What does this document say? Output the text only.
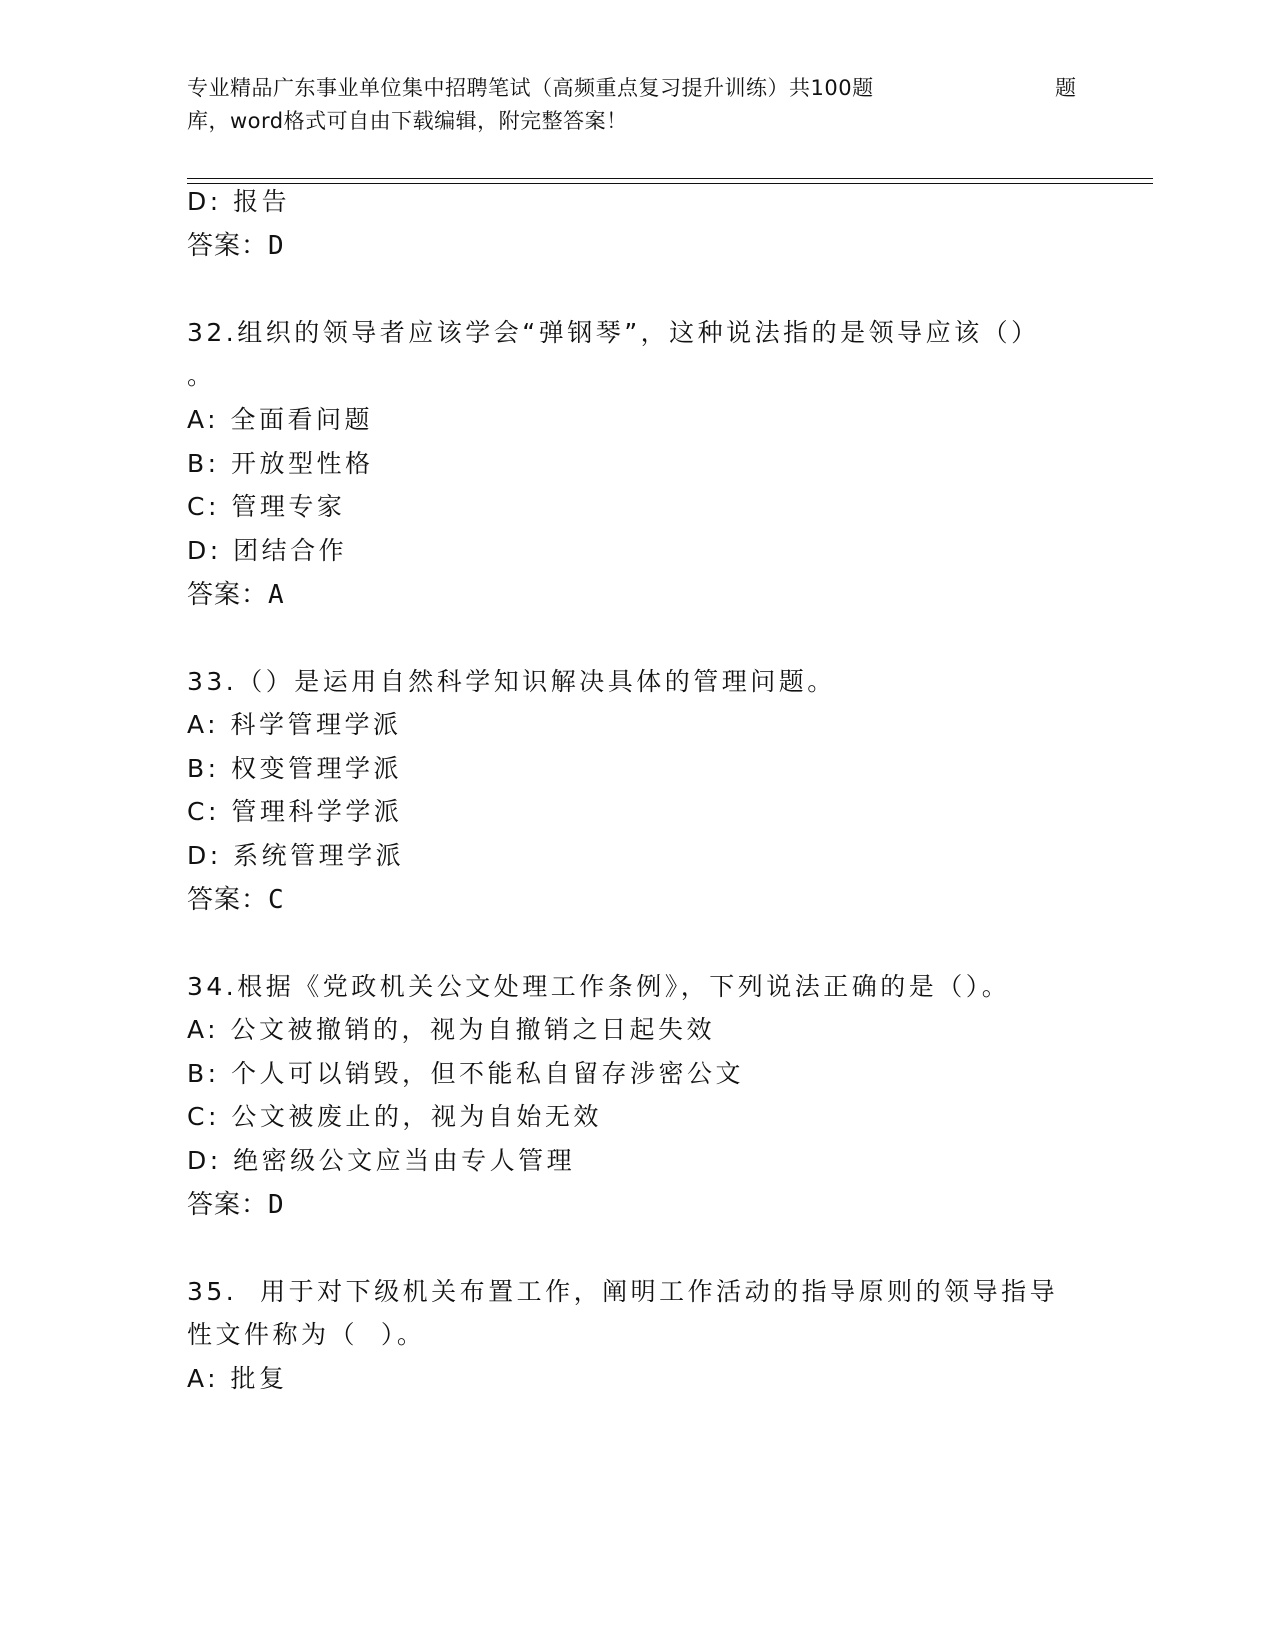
专业精品广东事业单位集中招聘笔试（高频重点复习提升训练）共100题	题
库，word格式可自由下载编辑，附完整答案！
D: 报告
答案：D
32.组织的领导者应该学会“弹钢琴”，这种说法指的是领导应该（）
。
A: 全面看问题
B: 开放型性格
C: 管理专家
D: 团结合作
答案：A
33.（）是运用自然科学知识解决具体的管理问题。
A: 科学管理学派
B: 权变管理学派
C: 管理科学学派
D: 系统管理学派
答案：C
34.根据《党政机关公文处理工作条例》，下列说法正确的是（）。
A: 公文被撤销的，视为自撤销之日起失效
B: 个人可以销毁，但不能私自留存涉密公文
C: 公文被废止的，视为自始无效
D: 绝密级公文应当由专人管理
答案：D
35.  用于对下级机关布置工作，阐明工作活动的指导原则的领导指导
性文件称为（  ）。
A: 批复
